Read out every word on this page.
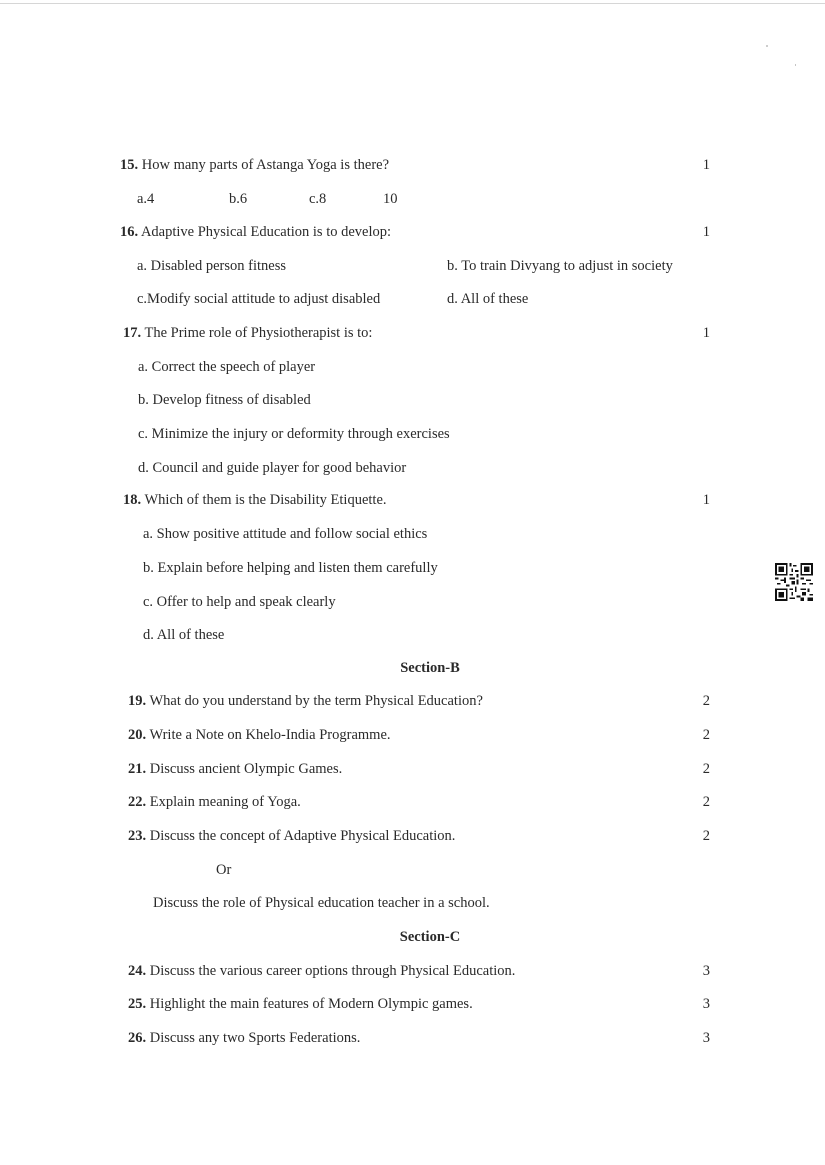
15. How many parts of Astanga Yoga is there?	1
a.4	b.6	c.8	10
16. Adaptive Physical Education is to develop:	1
a. Disabled person fitness	b. To train Divyang to adjust in society
c.Modify social attitude to adjust disabled	d. All of these
17. The Prime role of Physiotherapist is to:	1
a. Correct the speech of player
b. Develop fitness of disabled
c. Minimize the injury or deformity through exercises
d. Council and guide player for good behavior
18. Which of them is the Disability Etiquette.	1
a. Show positive attitude and follow social ethics
b. Explain before helping and listen them carefully
c. Offer to help and speak clearly
d. All of these
Section-B
19. What do you understand by the term Physical Education?	2
20. Write a Note on Khelo-India Programme.	2
21. Discuss ancient Olympic Games.	2
22. Explain meaning of Yoga.	2
23. Discuss the concept of Adaptive Physical Education.	2
Or
Discuss the role of Physical education teacher in a school.
Section-C
24. Discuss the various career options through Physical Education.	3
25. Highlight the main features of Modern Olympic games.	3
26. Discuss any two Sports Federations.	3
